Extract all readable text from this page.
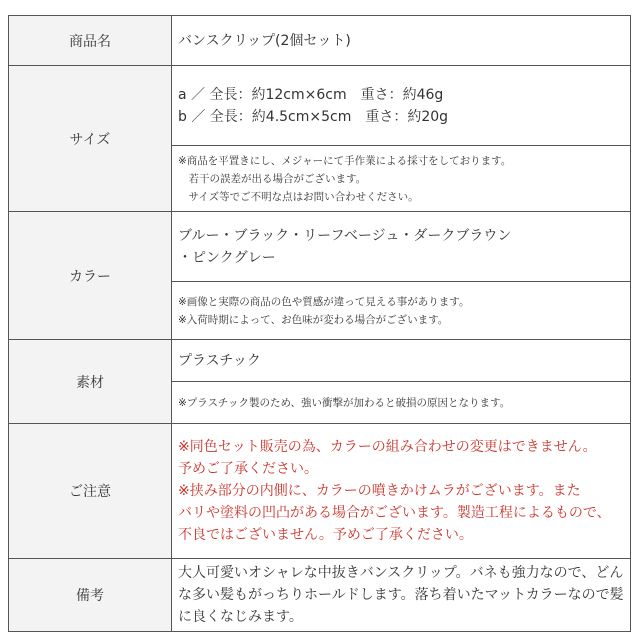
商品名	バンスクリップ(2個セット)
サイズ	a ／ 全長：約12cm×6cm　重さ：約46g
b ／ 全長：約4.5cm×5cm　重さ：約20g

	※商品を平置きにし、メジャーにて手作業による採寸をしております。
　若干の誤差が出る場合がございます。
　サイズ等でご不明な点はお問い合わせください。

カラー	ブルー・ブラック・リーフベージュ・ダークブラウン
・ピンクグレー

	※画像と実際の商品の色や質感が違って見える事があります。
※入荷時期によって、お色味が変わる場合がございます。

素材	プラスチック
	※プラスチック製のため、強い衝撃が加わると破損の原因となります。
ご注意	※同色セット販売の為、カラーの組み合わせの変更はできません。
予めご了承ください。
※挟み部分の内側に、カラーの噴きかけムラがございます。また
バリや塗料の凹凸がある場合がございます。製造工程によるもので、
不良ではございません。予めご了承ください。

備考	大人可愛いオシャレな中抜きバンスクリップ。バネも強力なので、どん
な多い髪もがっちりホールドします。落ち着いたマットカラーなので髪
に良くなじみます。
